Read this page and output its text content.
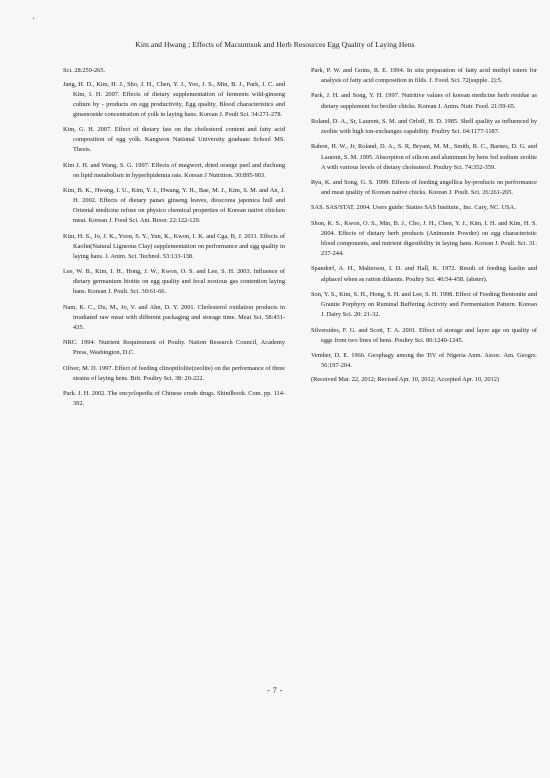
'
Kim and Hwang ; Effects of Macsumsuk and Herb Resources Egg Quality of Laying Hens

Sci. 28:259-265.

Jang, H. D., Kim, H. J., Sho, J. H., Chen, Y. J., Yoo, J. S., Min, B. J., Park, J. C. and Kim, I. H. 2007. Effects of dietary supplementation of ferments wild-ginseng culture by - products on egg productivity, Egg quality, Blood characteristics and ginsenoside concentration of yolk in laying hans. Korean J. Poult Sci. 34:271-278.

Kim, G. H. 2007. Effect of dietary fats on the cholesterol content and fatty acid composition of egg yolk. Kangwon National University graduate School MS. Thesis.

Kim J. H. and Wang, S. G. 1997. Effects of mugwort, dried orange peel and duchung on lipid metabolism in hyperlipidemia rats. Korean J Nutrition. 30:895-903.

Kim, B. K., Hwang, I. U., Kim, Y. J., Hwang, Y. H., Bae, M. J., Kim, S. M. and An, J. H. 2002. Effects of dietary panax ginseng leaves, dioscorea japonica hull and Oriental medicine refuse on physico chemical properties of Korean native chicken meat. Korean J. Food Sci. Ani. Rrsor. 22:122-129.

Kim, H. S., Jo, J. K., Yoon, S. Y., Yun, K., Kwon, I. K. and Cga, B, J. 2011. Effects of Kaolin(Natural Ligneous Clay) supplementation on performance and egg quality in laying hans. J. Anim. Sci. Technol. 53:133-138.

Lee, W. B., Kim, I. H., Hong, J. W., Kwon, O. S. and Lee, S. H. 2003. Influence of dietary germanium biotite on egg quality and fecal noxious gas contention laying hans. Korean J. Poult. Sci. 30:61-66.

Nam, K. C., Du, M., Jo, V. and Ahn, D. Y. 2001. Cholesterol oxidation products in irradiated raw meat with different packaging and storage time. Meat Sci. 58:431-435.

NRC. 1994. Nutrient Requirement of Poulty. Nation Research Council, Academy Press, Washington, D.C.

Oliver, M. D. 1997. Effect of feeding clinoptilolite(zeolite) on the performance of three strains of laying hens. Brit. Poultry Sci. 38: 20-222.

Park. J. H. 2002. The encyclopedia of Chinese crude drugs. Shinilbook. Com. pp. 114-392.

Park, P. W. and Goins, R. E. 1994. In situ preparation of fatty acid methyl esters for analysis of fatty acid composition in filds. J. Food. Sci. 72(supple. 2):5.

Park, J. H. and Song, Y. H. 1997. Nutritive values of korean medicine herb residue as dietary supplement for broiler chicks. Korean J. Anim. Nutr. Feed. 21:59-65.

Roland, D. A., Sr, Laurent, S. M. and Orloff, H. D. 1985. Shell quality as influenced by zeolite with high ion-exchanges capability. Poultry Sci. 64:1177-1187.

Rabon, H. W., Jr, Roland, D. A., S. R, Bryant, M. M., Smith, R. C., Barnes, D. G. and Laurent, S. M. 1995. Absorption of silicon and aluminum by hens fed sodium zeolite A with various levels of dietary cholesterol. Poultry Sci. 74:352-359.

Ryu, K. and Song, G. S. 1999. Effects of feeding angellica by-products on performance and meat quality of Korean native chicks. Korean J. Poult. Sci. 26:261-265.

SAS. SAS/STAT. 2004. Users guide: Staties SAS Institute., Inc. Cary, NC. USA.

Shon, K. S., Kwon, O. S., Min, B. J., Cho, J. H., Chen, Y. J., Kim, I. H. and Kim, H. S. 2004. Effects of dietary herb products (Animunin Powder) on egg characteristic blood components, and nutrient digestibility in laying hans. Korean J. Poult. Sci. 31: 237-244.

Spandorf, A. H., Malterson, I. D. and Hall, K. 1972. Result of feeding kaolin and alphacel when as ration diluents. Poultry Sci. 40:54-458. (abster).

Son, Y. S., Kim, S. H., Hong, S. H. and Lee, S. H. 1998. Effect of Feeding Bentonite and Granite Porphyry on Ruminal Buffering Activity and Fermentation Pattern. Korean J. Dairy Sci. 20: 21-32.

Silversides, F. G. and Scott, T. A. 2001. Effect of storage and layer age on quality of eggs from two lines of hens. Poultry Sci. 80:1240-1245.

Vember, D. E. 1966. Geophagy among the TiV of Nigeria Anm. Assoc. Am. Geogrs. 56:197-204.

(Received Mar. 22, 2012; Revised Apr. 10, 2012; Accepted Apr. 10, 2012)

- 7 -
